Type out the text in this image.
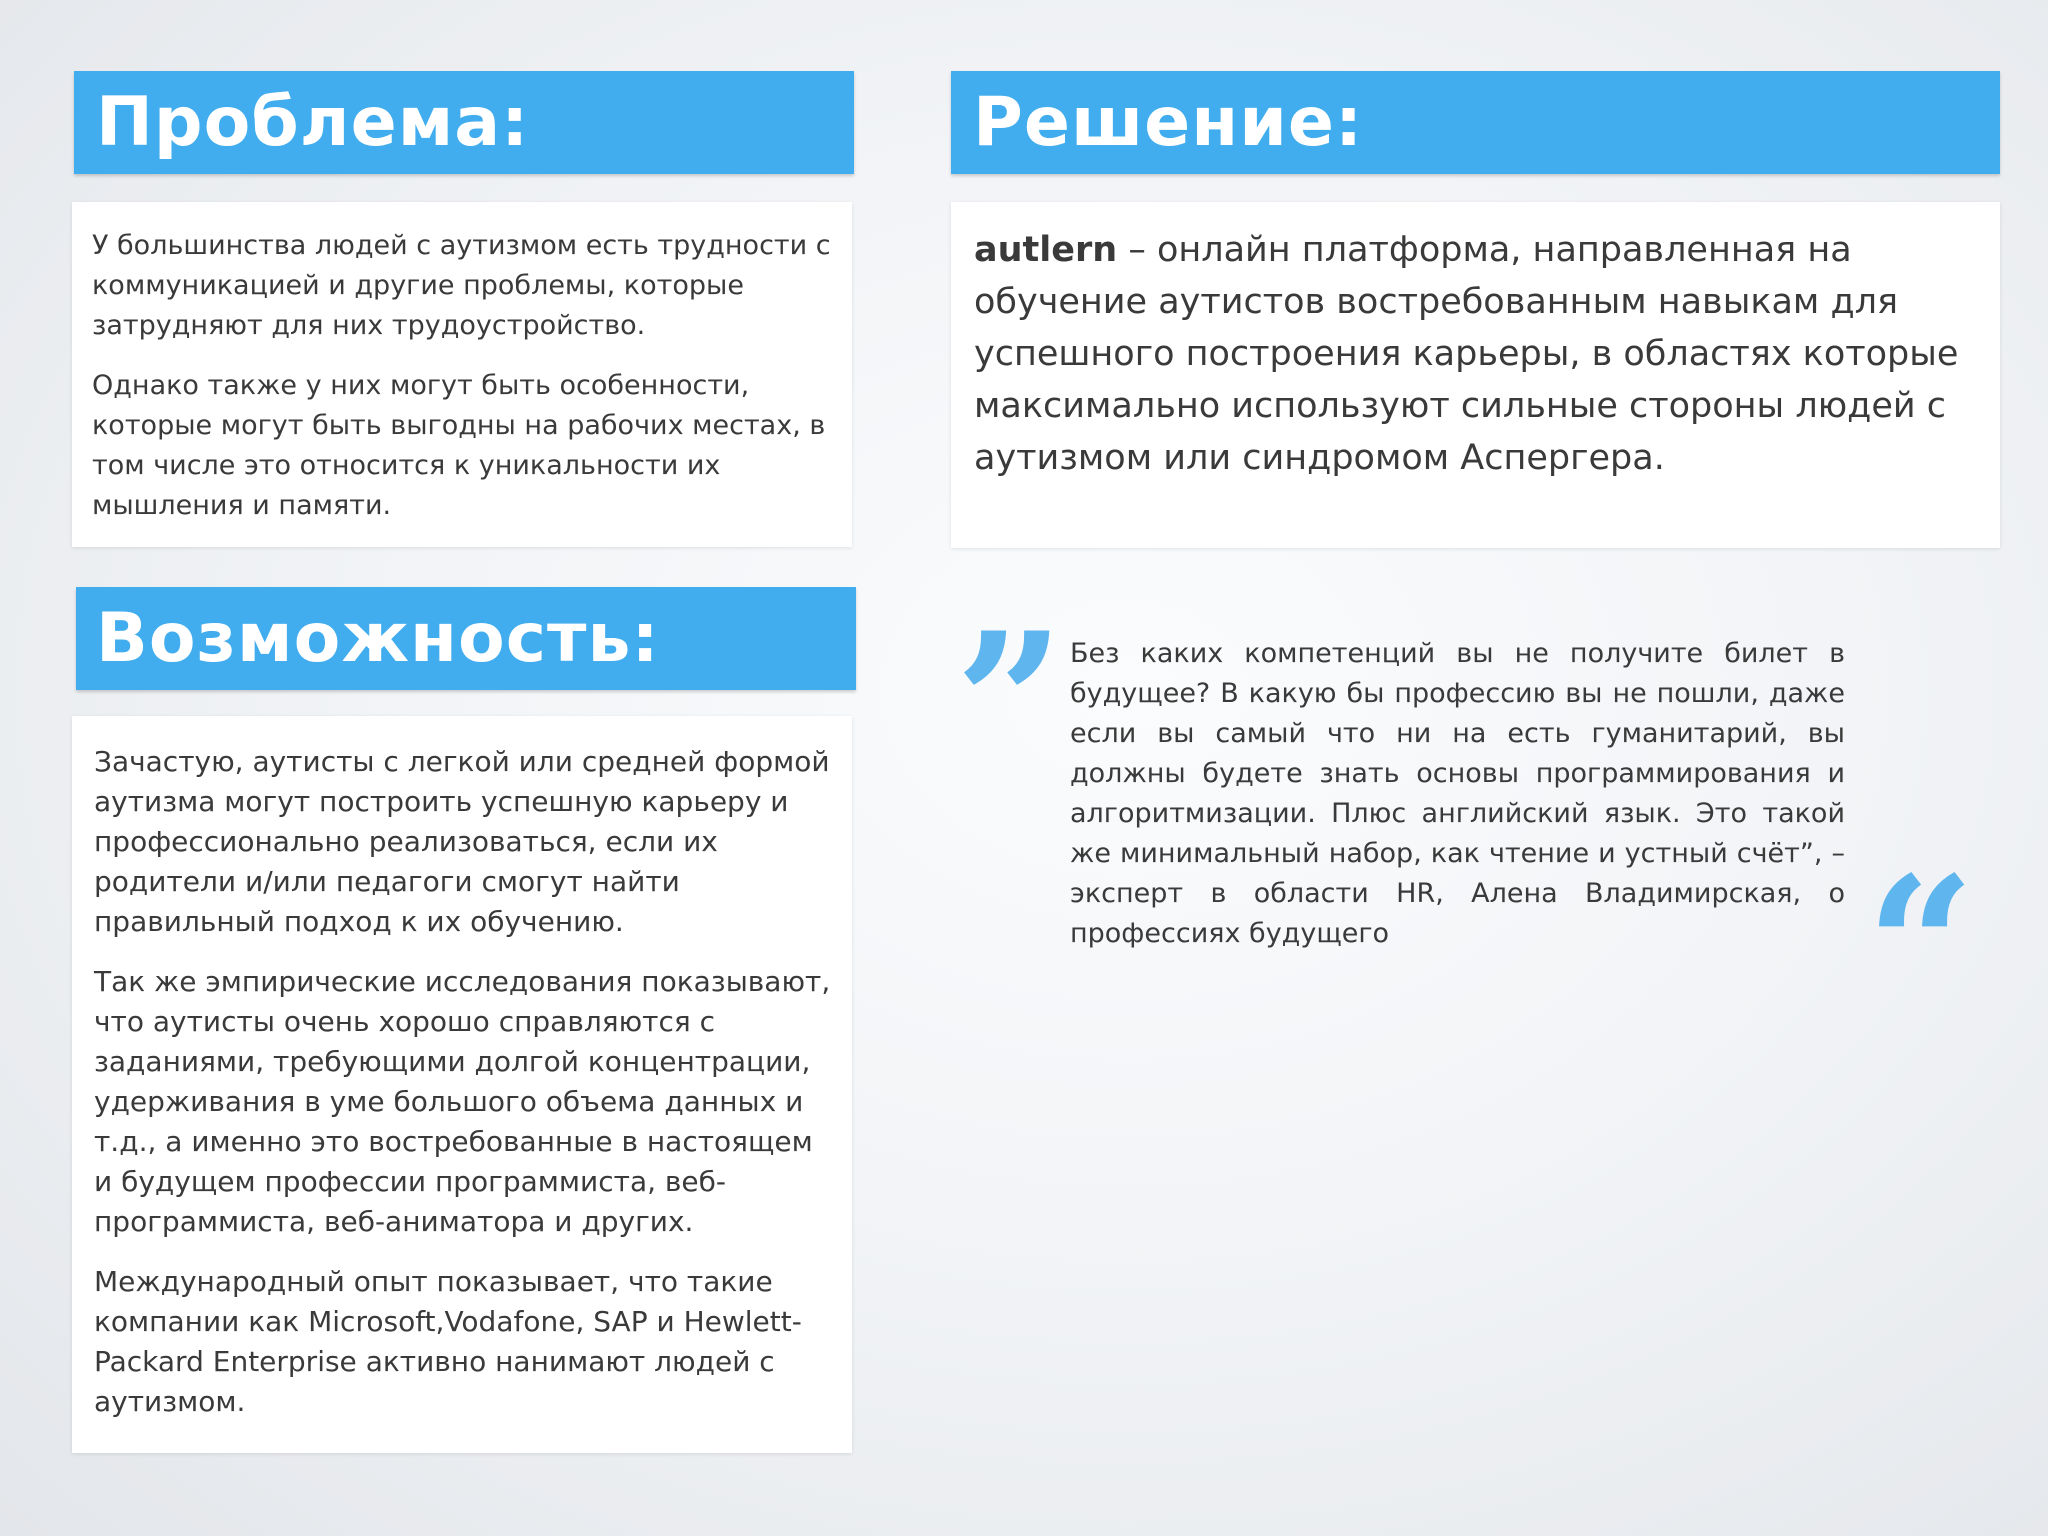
Проблема:

У большинства людей с аутизмом есть трудности с коммуникацией и другие проблемы, которые затрудняют для них трудоустройство.

Однако также у них могут быть особенности, которые могут быть выгодны на рабочих местах, в том числе это относится к уникальности их мышления и памяти.

Решение:

autlern – онлайн платформа, направленная на обучение аутистов востребованным навыкам для успешного построения карьеры, в областях которые максимально используют сильные стороны людей с аутизмом или синдромом Аспергера.

Возможность:

Зачастую, аутисты с легкой или средней формой аутизма могут построить успешную карьеру и профессионально реализоваться, если их родители и/или педагоги смогут найти правильный подход к их обучению.

Так же эмпирические исследования показывают, что аутисты очень хорошо справляются с заданиями, требующими долгой концентрации, удерживания в уме большого объема данных и т.д., а именно это востребованные в настоящем и будущем профессии программиста, веб-программиста, веб-аниматора и других.

Международный опыт показывает, что такие компании как Microsoft,Vodafone, SAP и Hewlett-Packard Enterprise активно нанимают людей с аутизмом.

” Без каких компетенций вы не получите билет в будущее? В какую бы профессию вы не пошли, даже если вы самый что ни на есть гуманитарий, вы должны будете знать основы программирования и алгоритмизации. Плюс английский язык. Это такой же минимальный набор, как чтение и устный счёт”, – эксперт в области HR, Алена Владимирская, о профессиях будущего	“
